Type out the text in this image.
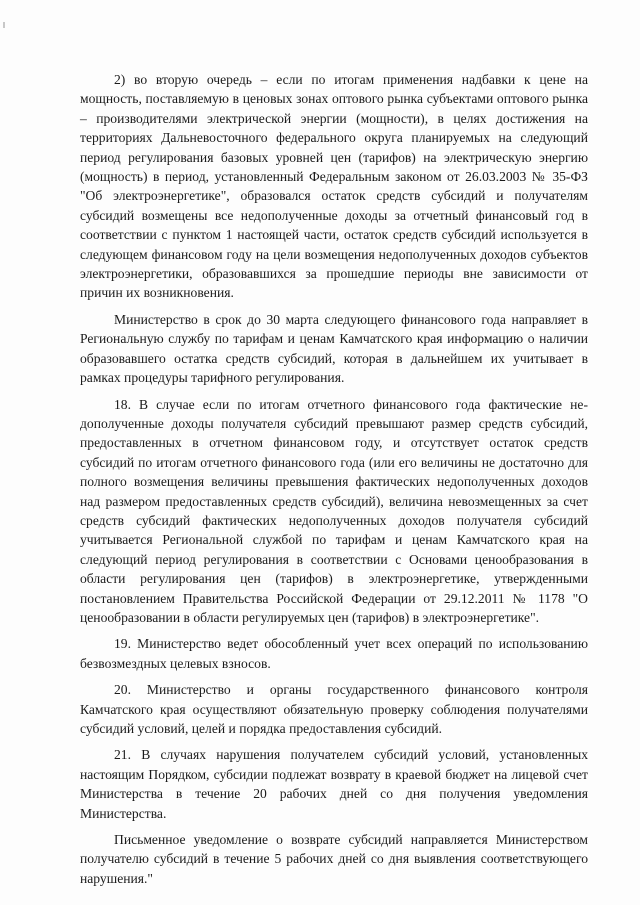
2) во вторую очередь – если по итогам применения надбавки к цене на мощность, поставляемую в ценовых зонах оптового рынка субъектами оптового рынка – производителями электрической энергии (мощности), в целях достижения на территориях Дальневосточного федерального округа планируемых на следующий период регулирования базовых уровней цен (тарифов) на электрическую энергию (мощность) в период, установленный Федеральным законом от 26.03.2003 № 35-ФЗ "Об электроэнергетике", образовался остаток средств субсидий и получателям субсидий возмещены все недополученные доходы за отчетный финансовый год в соответствии с пунктом 1 настоящей части, остаток средств субсидий используется в следующем финансовом году на цели возмещения недополученных доходов субъектов электроэнергетики, образовавшихся за прошедшие периоды вне зависимости от причин их возникновения.

Министерство в срок до 30 марта следующего финансового года направляет в Региональную службу по тарифам и ценам Камчатского края информацию о наличии образовавшего остатка средств субсидий, которая в дальнейшем их учитывает в рамках процедуры тарифного регулирования.

18. В случае если по итогам отчетного финансового года фактические недополученные доходы получателя субсидий превышают размер средств субсидий, предоставленных в отчетном финансовом году, и отсутствует остаток средств субсидий по итогам отчетного финансового года (или его величины не достаточно для полного возмещения величины превышения фактических недополученных доходов над размером предоставленных средств субсидий), величина невозмещенных за счет средств субсидий фактических недополученных доходов получателя субсидий учитывается Региональной службой по тарифам и ценам Камчатского края на следующий период регулирования в соответствии с Основами ценообразования в области регулирования цен (тарифов) в электроэнергетике, утвержденными постановлением Правительства Российской Федерации от 29.12.2011 № 1178 "О ценообразовании в области регулируемых цен (тарифов) в электроэнергетике".

19. Министерство ведет обособленный учет всех операций по использованию безвозмездных целевых взносов.

20. Министерство и органы государственного финансового контроля Камчатского края осуществляют обязательную проверку соблюдения получателями субсидий условий, целей и порядка предоставления субсидий.

21. В случаях нарушения получателем субсидий условий, установленных настоящим Порядком, субсидии подлежат возврату в краевой бюджет на лицевой счет Министерства в течение 20 рабочих дней со дня получения уведомления Министерства.

Письменное уведомление о возврате субсидий направляется Министерством получателю субсидий в течение 5 рабочих дней со дня выявления соответствующего нарушения."
